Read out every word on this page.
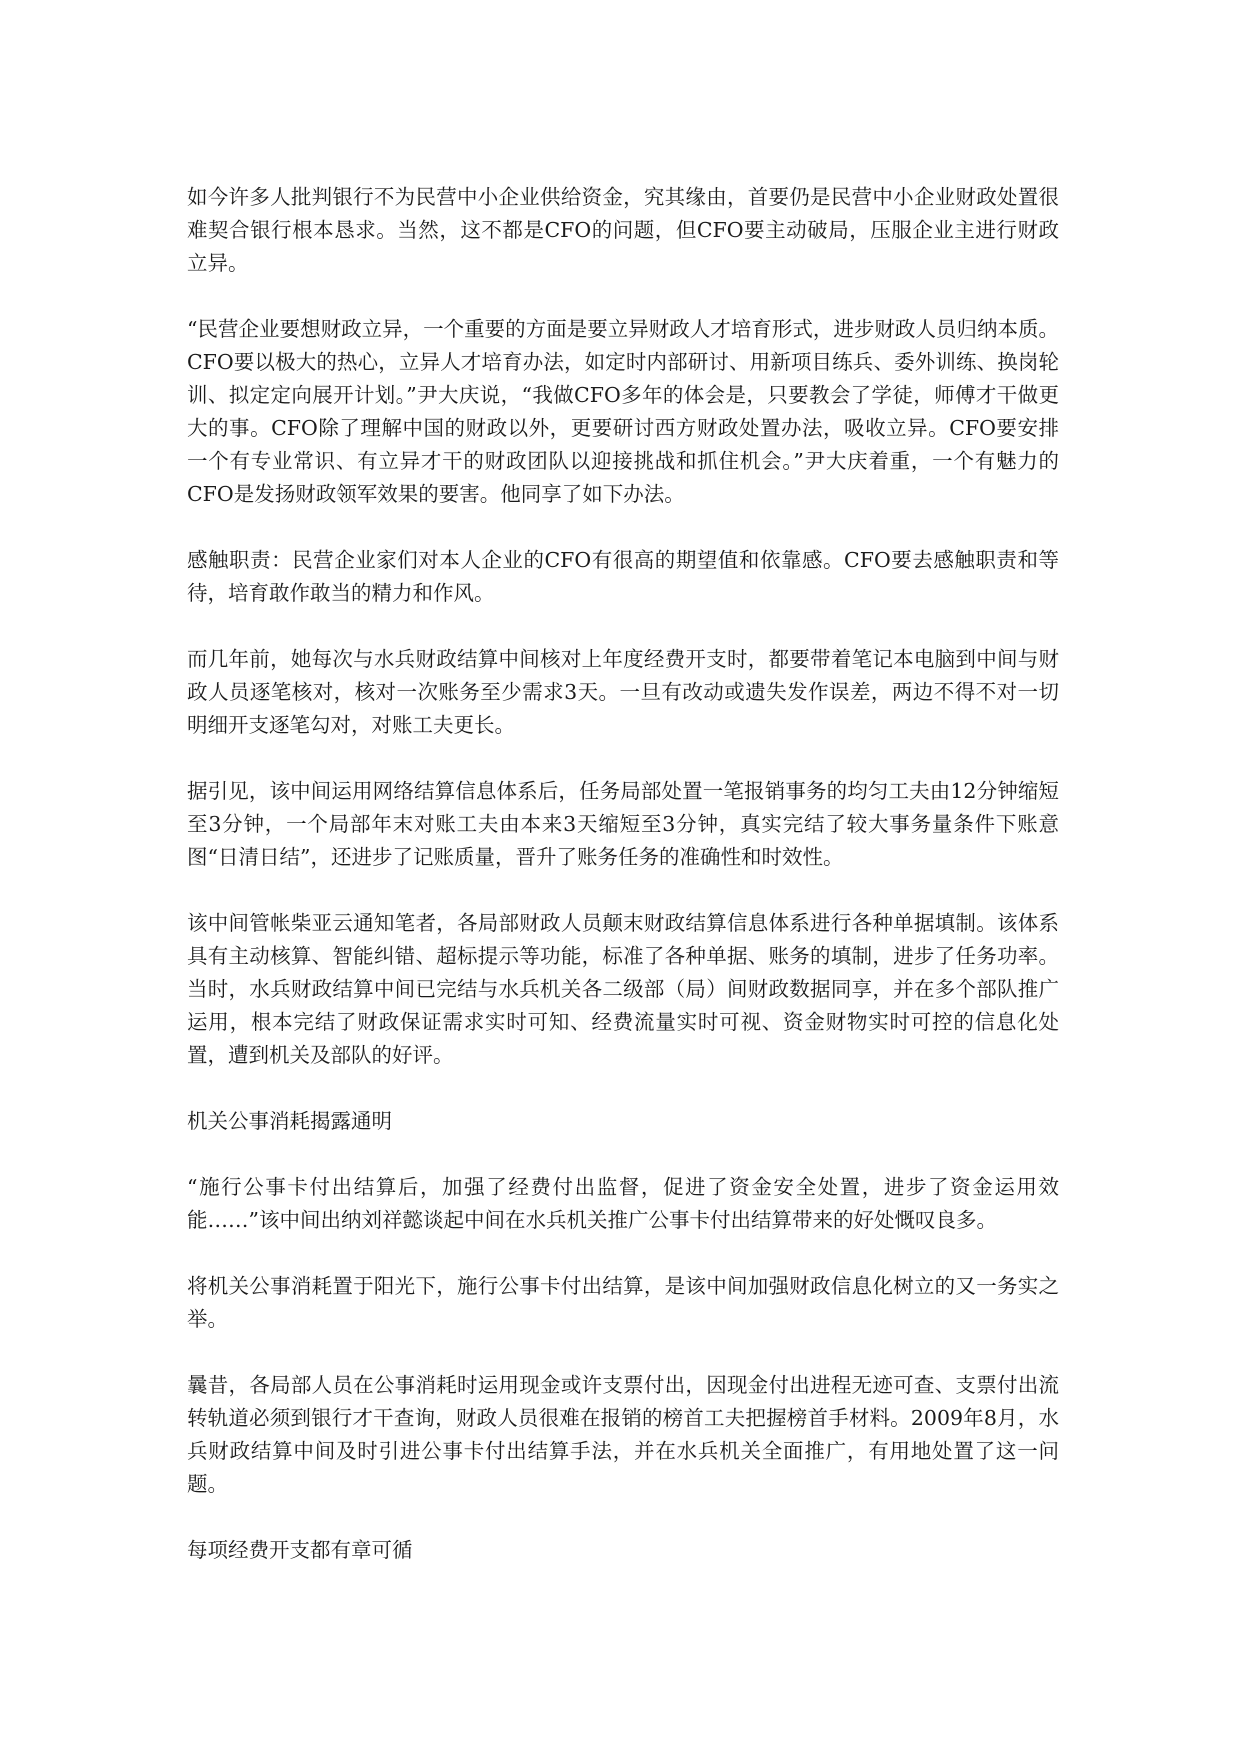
如今许多人批判银行不为民营中小企业供给资金，究其缘由，首要仍是民营中小企业财政处置很难契合银行根本恳求。当然，这不都是CFO的问题，但CFO要主动破局，压服企业主进行财政立异。

“民营企业要想财政立异，一个重要的方面是要立异财政人才培育形式，进步财政人员归纳本质。CFO要以极大的热心，立异人才培育办法，如定时内部研讨、用新项目练兵、委外训练、换岗轮训、拟定定向展开计划。”尹大庆说，“我做CFO多年的体会是，只要教会了学徒，师傅才干做更大的事。CFO除了理解中国的财政以外，更要研讨西方财政处置办法，吸收立异。CFO要安排一个有专业常识、有立异才干的财政团队以迎接挑战和抓住机会。”尹大庆着重，一个有魅力的CFO是发扬财政领军效果的要害。他同享了如下办法。

感触职责：民营企业家们对本人企业的CFO有很高的期望值和依靠感。CFO要去感触职责和等待，培育敢作敢当的精力和作风。

而几年前，她每次与水兵财政结算中间核对上年度经费开支时，都要带着笔记本电脑到中间与财政人员逐笔核对，核对一次账务至少需求3天。一旦有改动或遗失发作误差，两边不得不对一切明细开支逐笔勾对，对账工夫更长。

据引见，该中间运用网络结算信息体系后，任务局部处置一笔报销事务的均匀工夫由12分钟缩短至3分钟，一个局部年末对账工夫由本来3天缩短至3分钟，真实完结了较大事务量条件下账意图“日清日结”，还进步了记账质量，晋升了账务任务的准确性和时效性。

该中间管帐柴亚云通知笔者，各局部财政人员颠末财政结算信息体系进行各种单据填制。该体系具有主动核算、智能纠错、超标提示等功能，标准了各种单据、账务的填制，进步了任务功率。当时，水兵财政结算中间已完结与水兵机关各二级部（局）间财政数据同享，并在多个部队推广运用，根本完结了财政保证需求实时可知、经费流量实时可视、资金财物实时可控的信息化处置，遭到机关及部队的好评。

机关公事消耗揭露通明

“施行公事卡付出结算后，加强了经费付出监督，促进了资金安全处置，进步了资金运用效能……”该中间出纳刘祥懿谈起中间在水兵机关推广公事卡付出结算带来的好处慨叹良多。

将机关公事消耗置于阳光下，施行公事卡付出结算，是该中间加强财政信息化树立的又一务实之举。

曩昔，各局部人员在公事消耗时运用现金或许支票付出，因现金付出进程无迹可查、支票付出流转轨道必须到银行才干查询，财政人员很难在报销的榜首工夫把握榜首手材料。2009年8月，水兵财政结算中间及时引进公事卡付出结算手法，并在水兵机关全面推广，有用地处置了这一问题。

每项经费开支都有章可循
